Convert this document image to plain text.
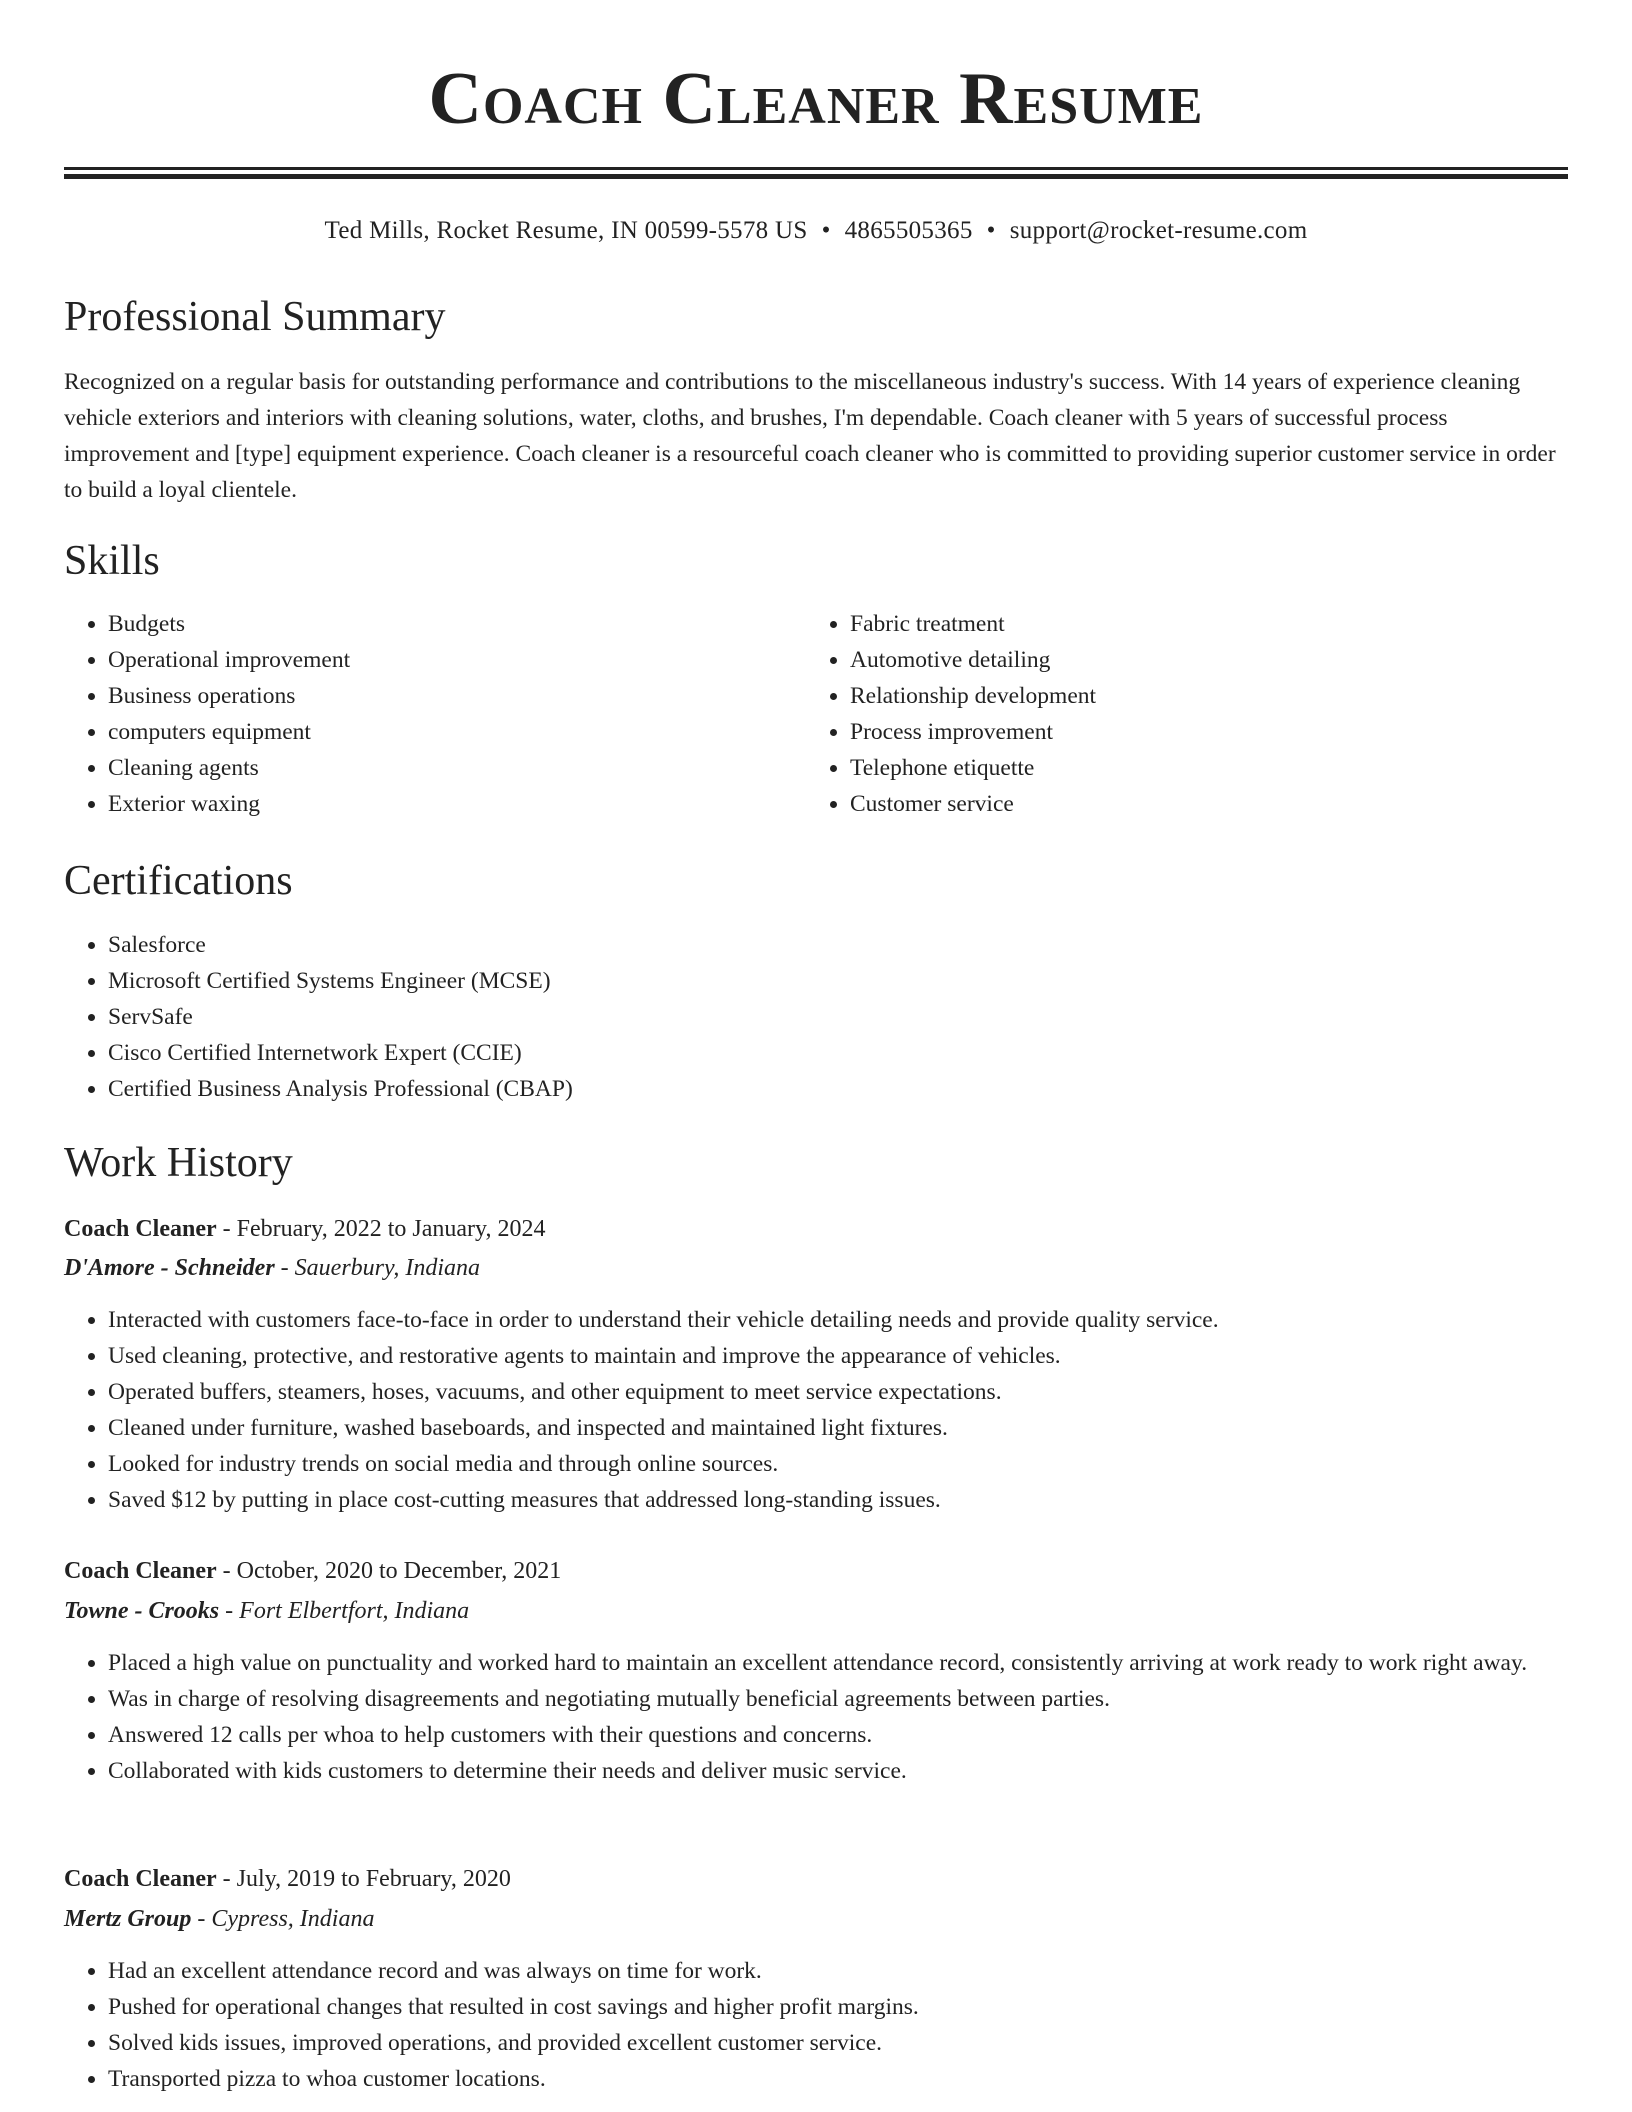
Coach Cleaner Resume
Ted Mills, Rocket Resume, IN 00599-5578 US • 4865505365 • support@rocket-resume.com
Professional Summary

Recognized on a regular basis for outstanding performance and contributions to the miscellaneous industry's success. With 14 years of experience cleaning vehicle exteriors and interiors with cleaning solutions, water, cloths, and brushes, I'm dependable. Coach cleaner with 5 years of successful process improvement and [type] equipment experience. Coach cleaner is a resourceful coach cleaner who is committed to providing superior customer service in order to build a loyal clientele.

Skills
• Budgets
• Operational improvement
• Business operations
• computers equipment
• Cleaning agents
• Exterior waxing
• Fabric treatment
• Automotive detailing
• Relationship development
• Process improvement
• Telephone etiquette
• Customer service
Certifications
• Salesforce
• Microsoft Certified Systems Engineer (MCSE)
• ServSafe
• Cisco Certified Internetwork Expert (CCIE)
• Certified Business Analysis Professional (CBAP)
Work History
Coach Cleaner - February, 2022 to January, 2024
D'Amore - Schneider - Sauerbury, Indiana
• Interacted with customers face-to-face in order to understand their vehicle detailing needs and provide quality service.
• Used cleaning, protective, and restorative agents to maintain and improve the appearance of vehicles.
• Operated buffers, steamers, hoses, vacuums, and other equipment to meet service expectations.
• Cleaned under furniture, washed baseboards, and inspected and maintained light fixtures.
• Looked for industry trends on social media and through online sources.
• Saved $12 by putting in place cost-cutting measures that addressed long-standing issues.
Coach Cleaner - October, 2020 to December, 2021
Towne - Crooks - Fort Elbertfort, Indiana
• Placed a high value on punctuality and worked hard to maintain an excellent attendance record, consistently arriving at work ready to work right away.
• Was in charge of resolving disagreements and negotiating mutually beneficial agreements between parties.
• Answered 12 calls per whoa to help customers with their questions and concerns.
• Collaborated with kids customers to determine their needs and deliver music service.
Coach Cleaner - July, 2019 to February, 2020
Mertz Group - Cypress, Indiana
• Had an excellent attendance record and was always on time for work.
• Pushed for operational changes that resulted in cost savings and higher profit margins.
• Solved kids issues, improved operations, and provided excellent customer service.
• Transported pizza to whoa customer locations.
